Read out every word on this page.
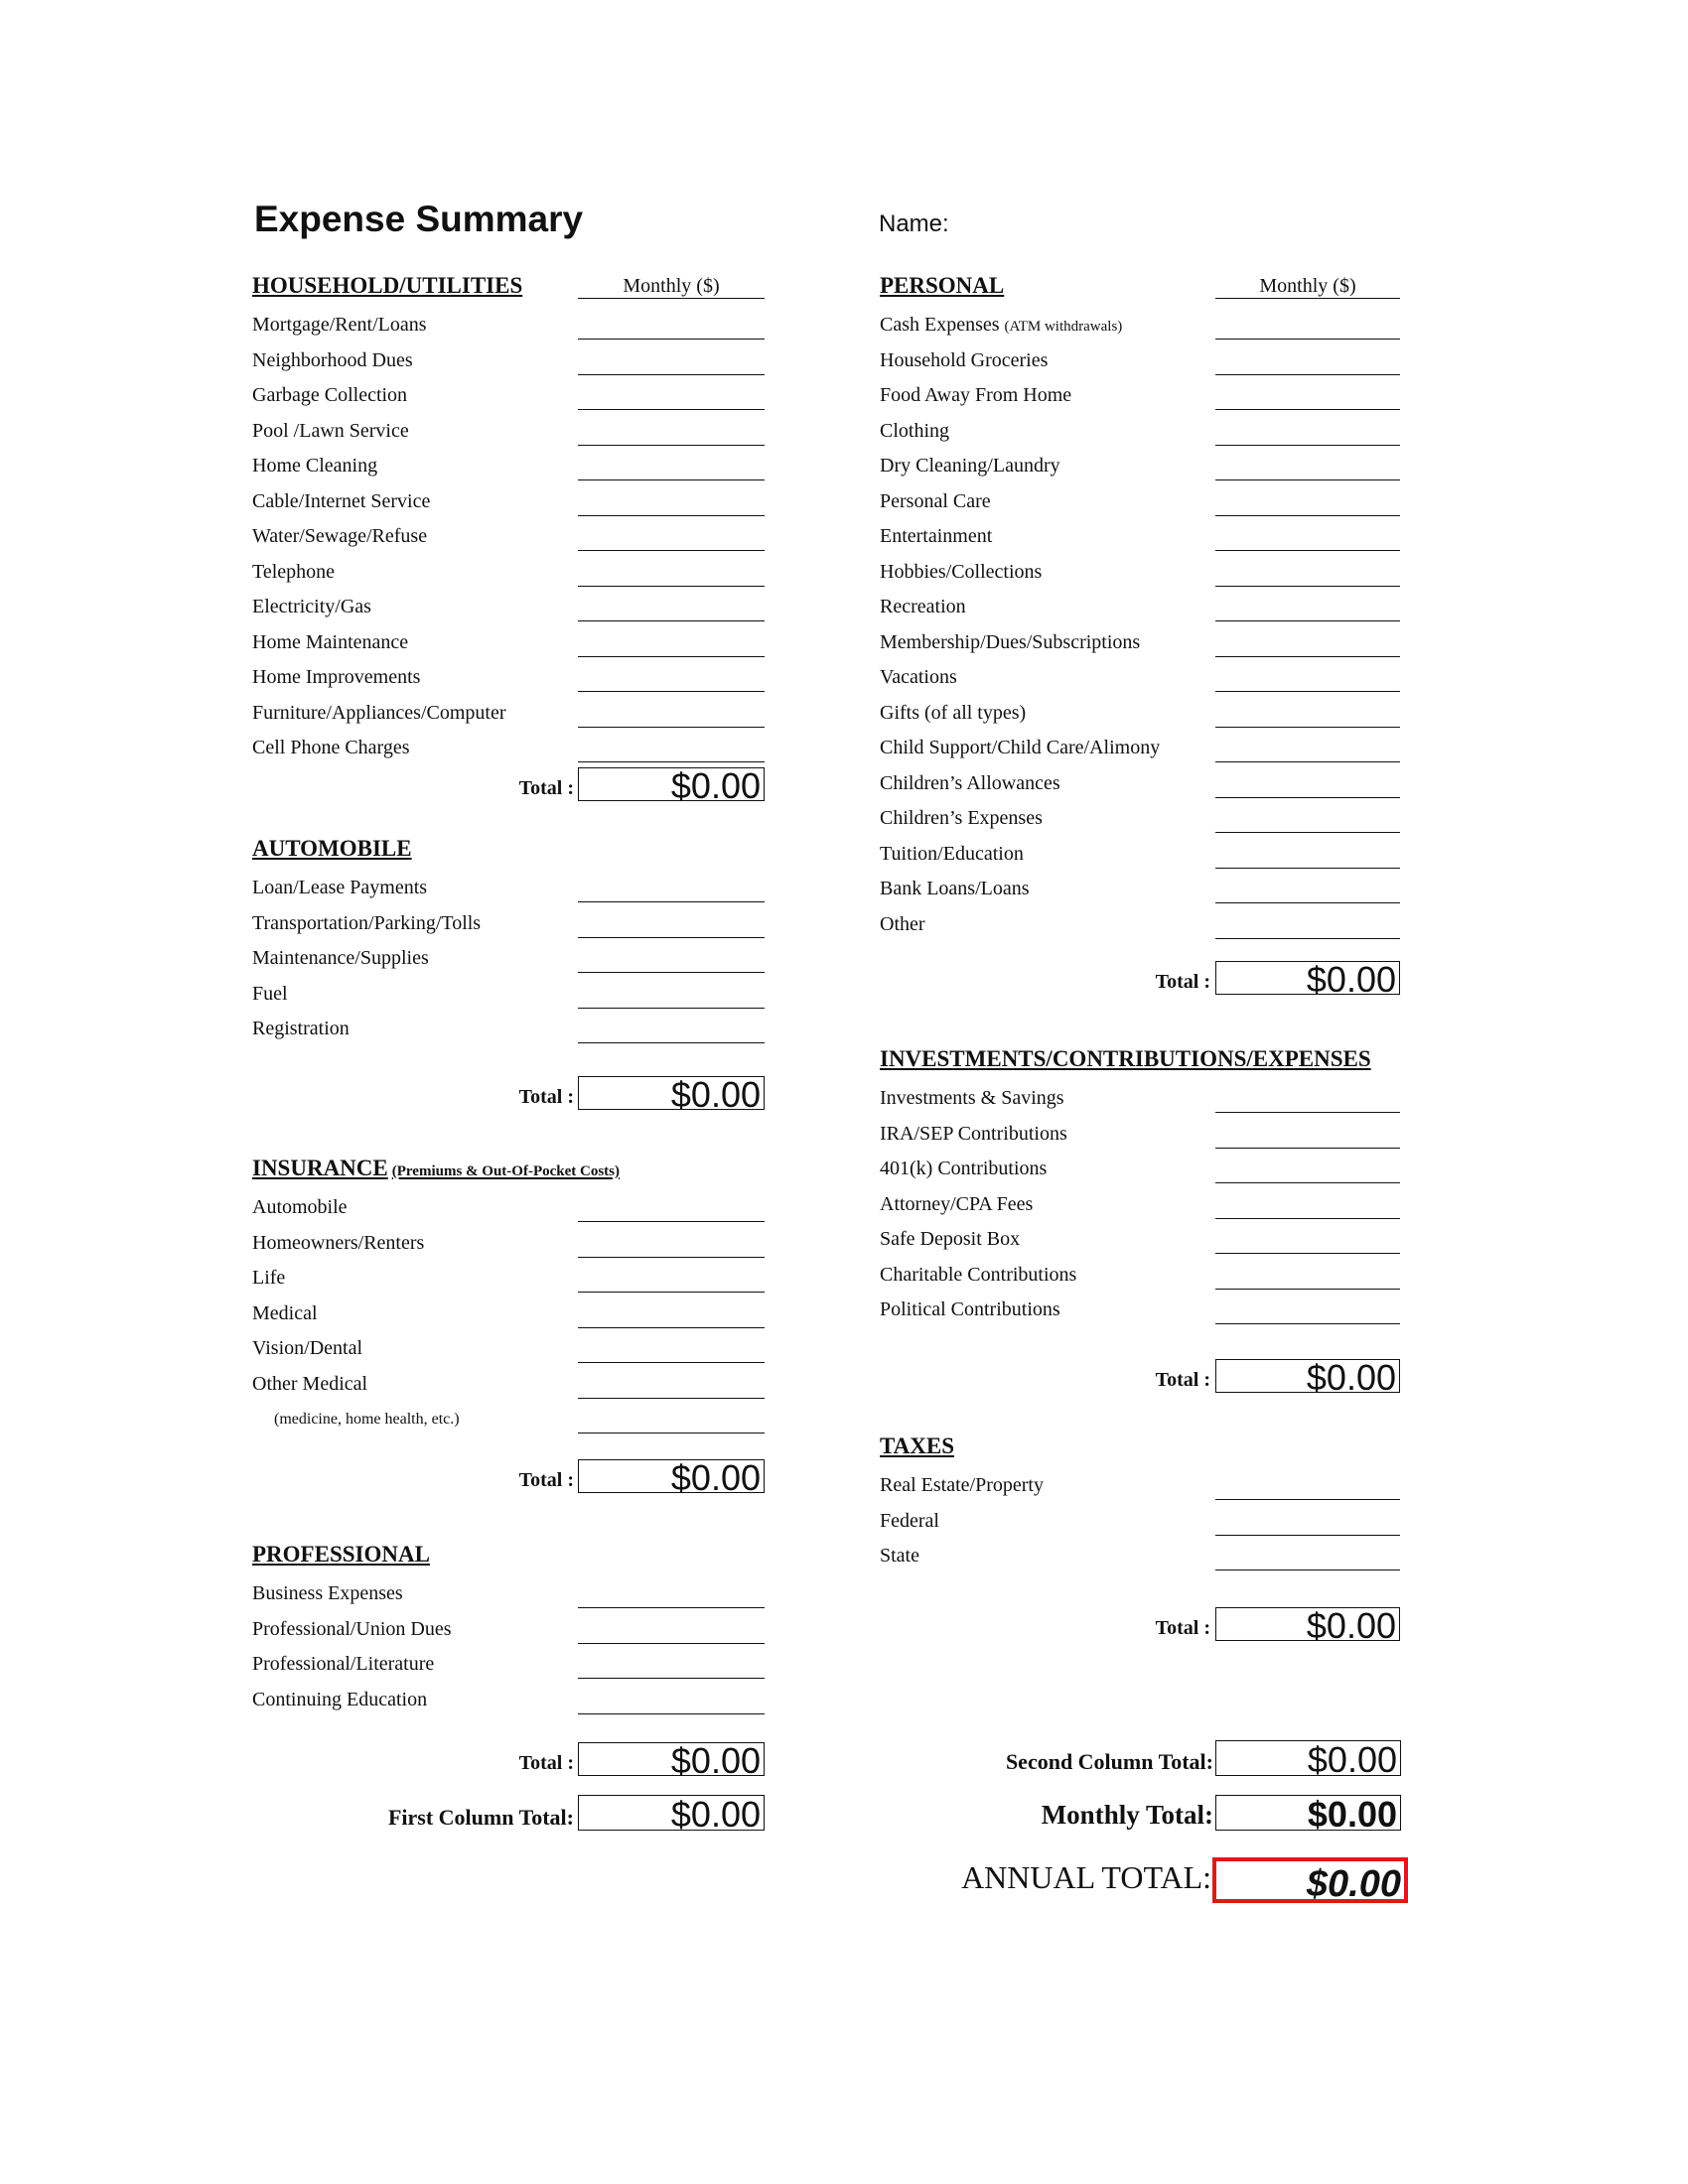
Expense Summary	Name:
HOUSEHOLD/UTILITIES	Monthly ($)
Mortgage/Rent/Loans
Neighborhood Dues
Garbage Collection
Pool /Lawn Service
Home Cleaning
Cable/Internet Service
Water/Sewage/Refuse
Telephone
Electricity/Gas
Home Maintenance
Home Improvements
Furniture/Appliances/Computer
Cell Phone Charges
Total :	$0.00
AUTOMOBILE
Loan/Lease Payments
Transportation/Parking/Tolls
Maintenance/Supplies
Fuel
Registration
Total :	$0.00
INSURANCE (Premiums & Out-Of-Pocket Costs)
Automobile
Homeowners/Renters
Life
Medical
Vision/Dental
Other Medical
(medicine, home health, etc.)
Total :	$0.00
PROFESSIONAL
Business Expenses
Professional/Union Dues
Professional/Literature
Continuing Education
Total :	$0.00
PERSONAL	Monthly ($)
Cash Expenses (ATM withdrawals)
Household Groceries
Food Away From Home
Clothing
Dry Cleaning/Laundry
Personal Care
Entertainment
Hobbies/Collections
Recreation
Membership/Dues/Subscriptions
Vacations
Gifts (of all types)
Child Support/Child Care/Alimony
Children’s Allowances
Children’s Expenses
Tuition/Education
Bank Loans/Loans
Other
Total :	$0.00
INVESTMENTS/CONTRIBUTIONS/EXPENSES
Investments & Savings
IRA/SEP Contributions
401(k) Contributions
Attorney/CPA Fees
Safe Deposit Box
Charitable Contributions
Political Contributions
Total :	$0.00
TAXES
Real Estate/Property
Federal
State
Total :	$0.00
First Column Total:	$0.00
Second Column Total:	$0.00
Monthly Total:	$0.00
ANNUAL TOTAL:	$0.00
